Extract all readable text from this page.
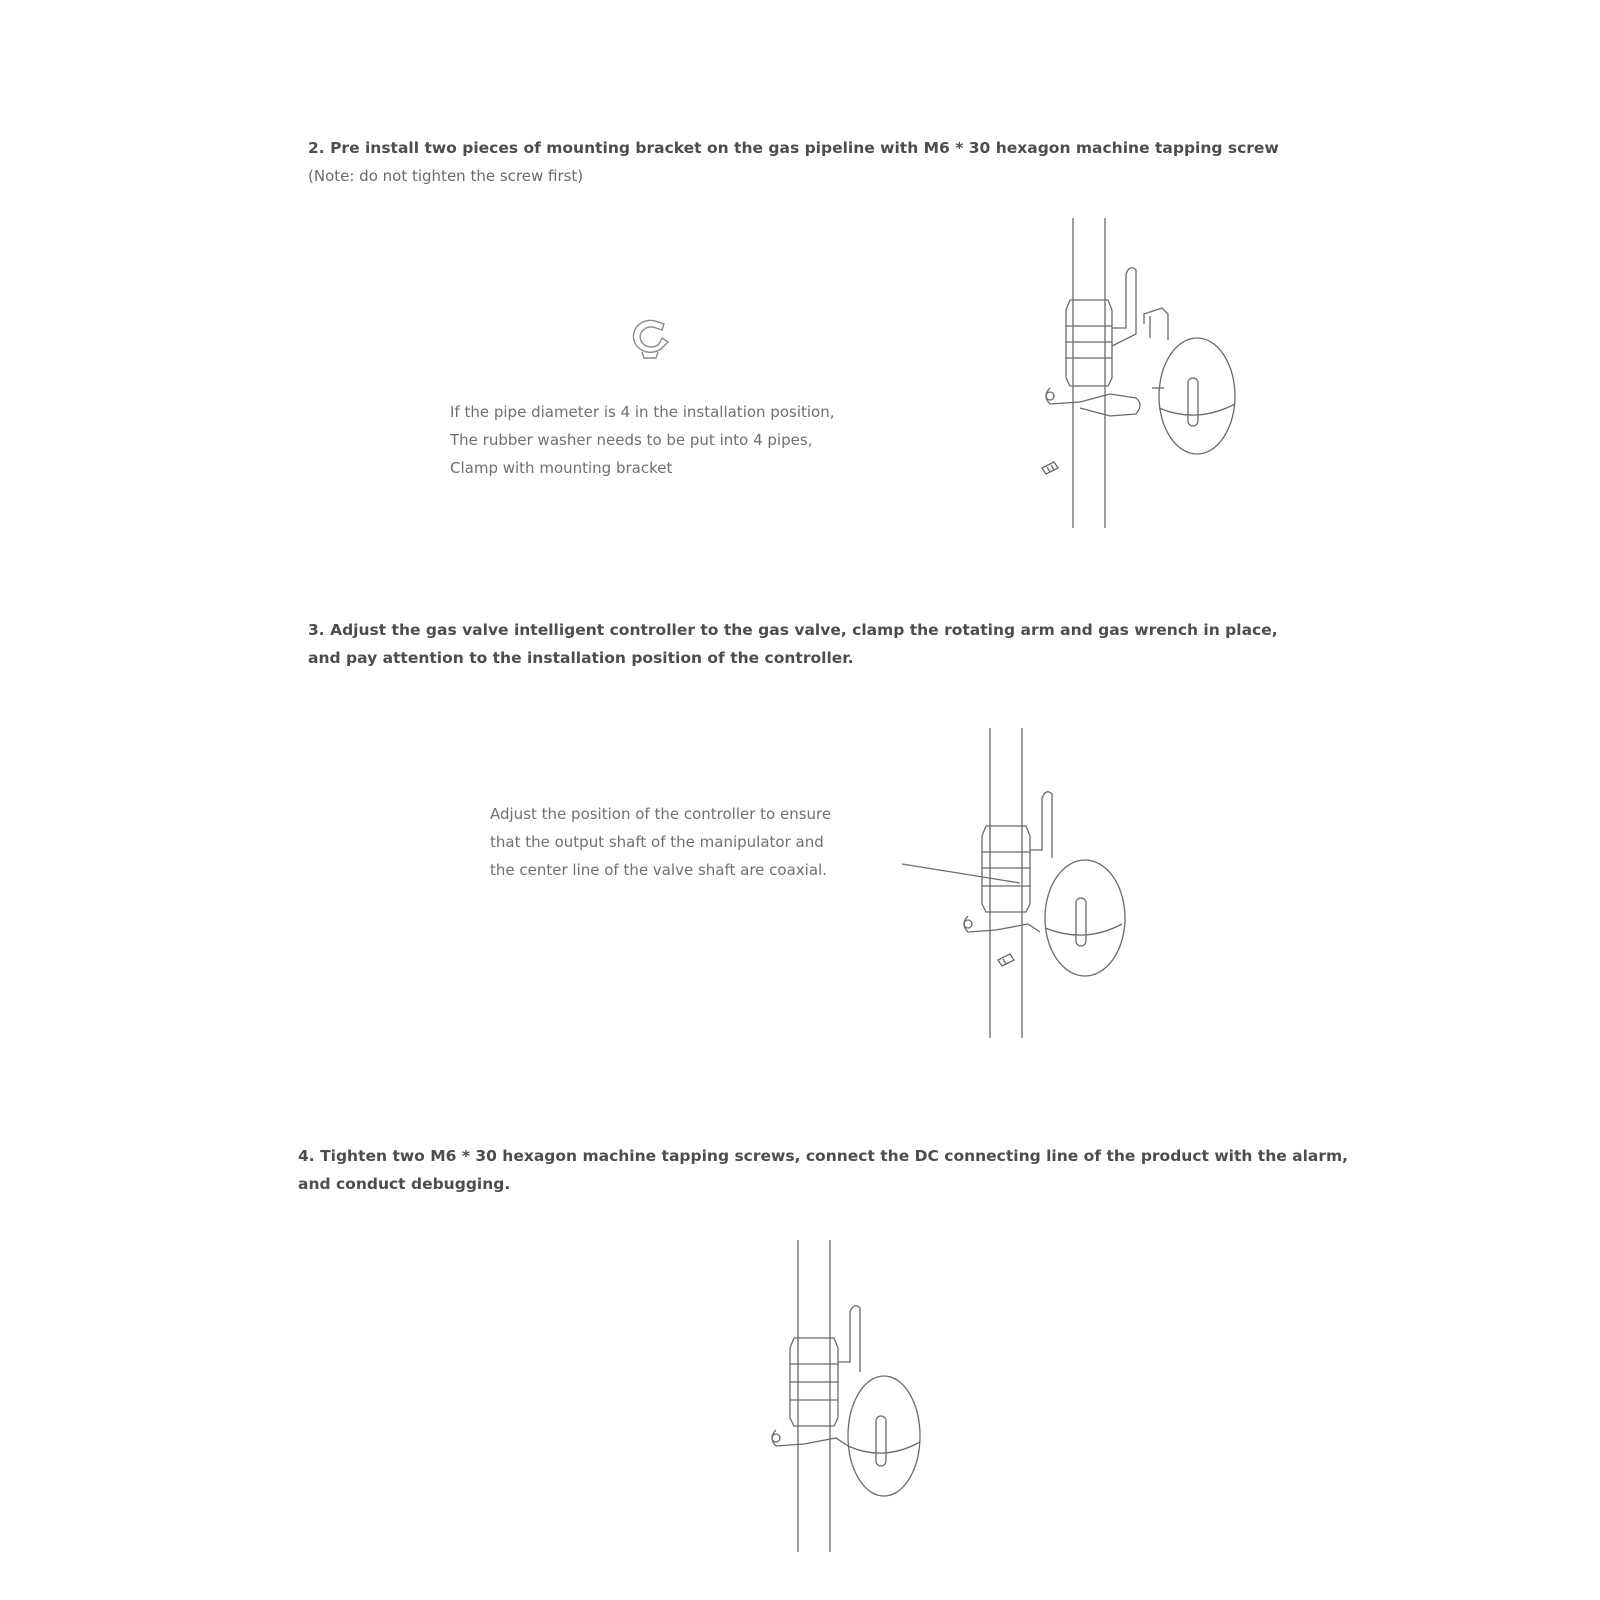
2. Pre install two pieces of mounting bracket on the gas pipeline with M6 * 30 hexagon machine tapping screw
(Note: do not tighten the screw first)
If the pipe diameter is 4 in the installation position,
The rubber washer needs to be put into 4 pipes,
Clamp with mounting bracket
3. Adjust the gas valve intelligent controller to the gas valve, clamp the rotating arm and gas wrench in place,
and pay attention to the installation position of the controller.
Adjust the position of the controller to ensure
that the output shaft of the manipulator and
the center line of the valve shaft are coaxial.
4. Tighten two M6 * 30 hexagon machine tapping screws, connect the DC connecting line of the product with the alarm,
and conduct debugging.
